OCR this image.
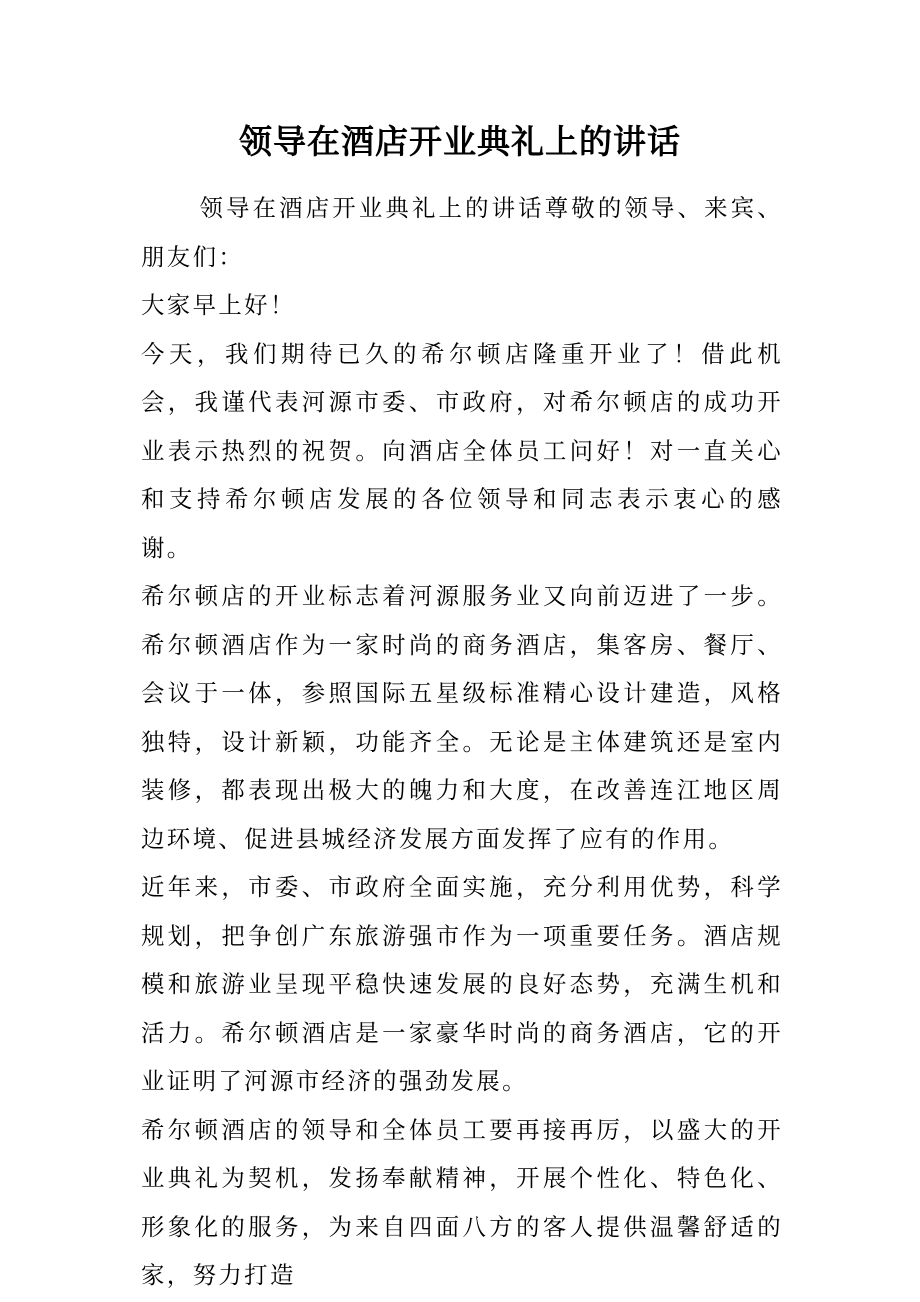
领导在酒店开业典礼上的讲话

领导在酒店开业典礼上的讲话尊敬的领导、来宾、朋友们：

大家早上好！

今天，我们期待已久的希尔顿店隆重开业了！借此机会，我谨代表河源市委、市政府，对希尔顿店的成功开业表示热烈的祝贺。向酒店全体员工问好！对一直关心和支持希尔顿店发展的各位领导和同志表示衷心的感谢。

希尔顿店的开业标志着河源服务业又向前迈进了一步。希尔顿酒店作为一家时尚的商务酒店，集客房、餐厅、会议于一体，参照国际五星级标准精心设计建造，风格独特，设计新颖，功能齐全。无论是主体建筑还是室内装修，都表现出极大的魄力和大度，在改善连江地区周边环境、促进县城经济发展方面发挥了应有的作用。

近年来，市委、市政府全面实施，充分利用优势，科学规划，把争创广东旅游强市作为一项重要任务。酒店规模和旅游业呈现平稳快速发展的良好态势，充满生机和活力。希尔顿酒店是一家豪华时尚的商务酒店，它的开业证明了河源市经济的强劲发展。

希尔顿酒店的领导和全体员工要再接再厉，以盛大的开业典礼为契机，发扬奉献精神，开展个性化、特色化、形象化的服务，为来自四面八方的客人提供温馨舒适的家，努力打造
